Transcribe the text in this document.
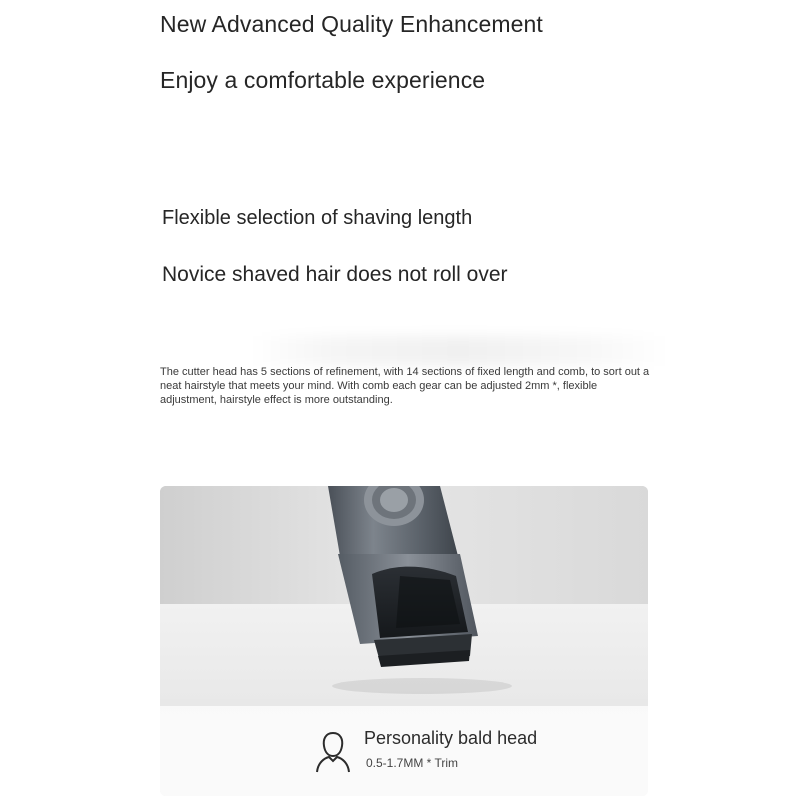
New Advanced Quality Enhancement
Enjoy a comfortable experience

Flexible selection of shaving length

Novice shaved hair does not roll over

The cutter head has 5 sections of refinement, with 14 sections of fixed length and comb, to sort out a neat hairstyle that meets your mind. With comb each gear can be adjusted 2mm *, flexible adjustment, hairstyle effect is more outstanding.

Personality bald head
0.5-1.7MM * Trim
